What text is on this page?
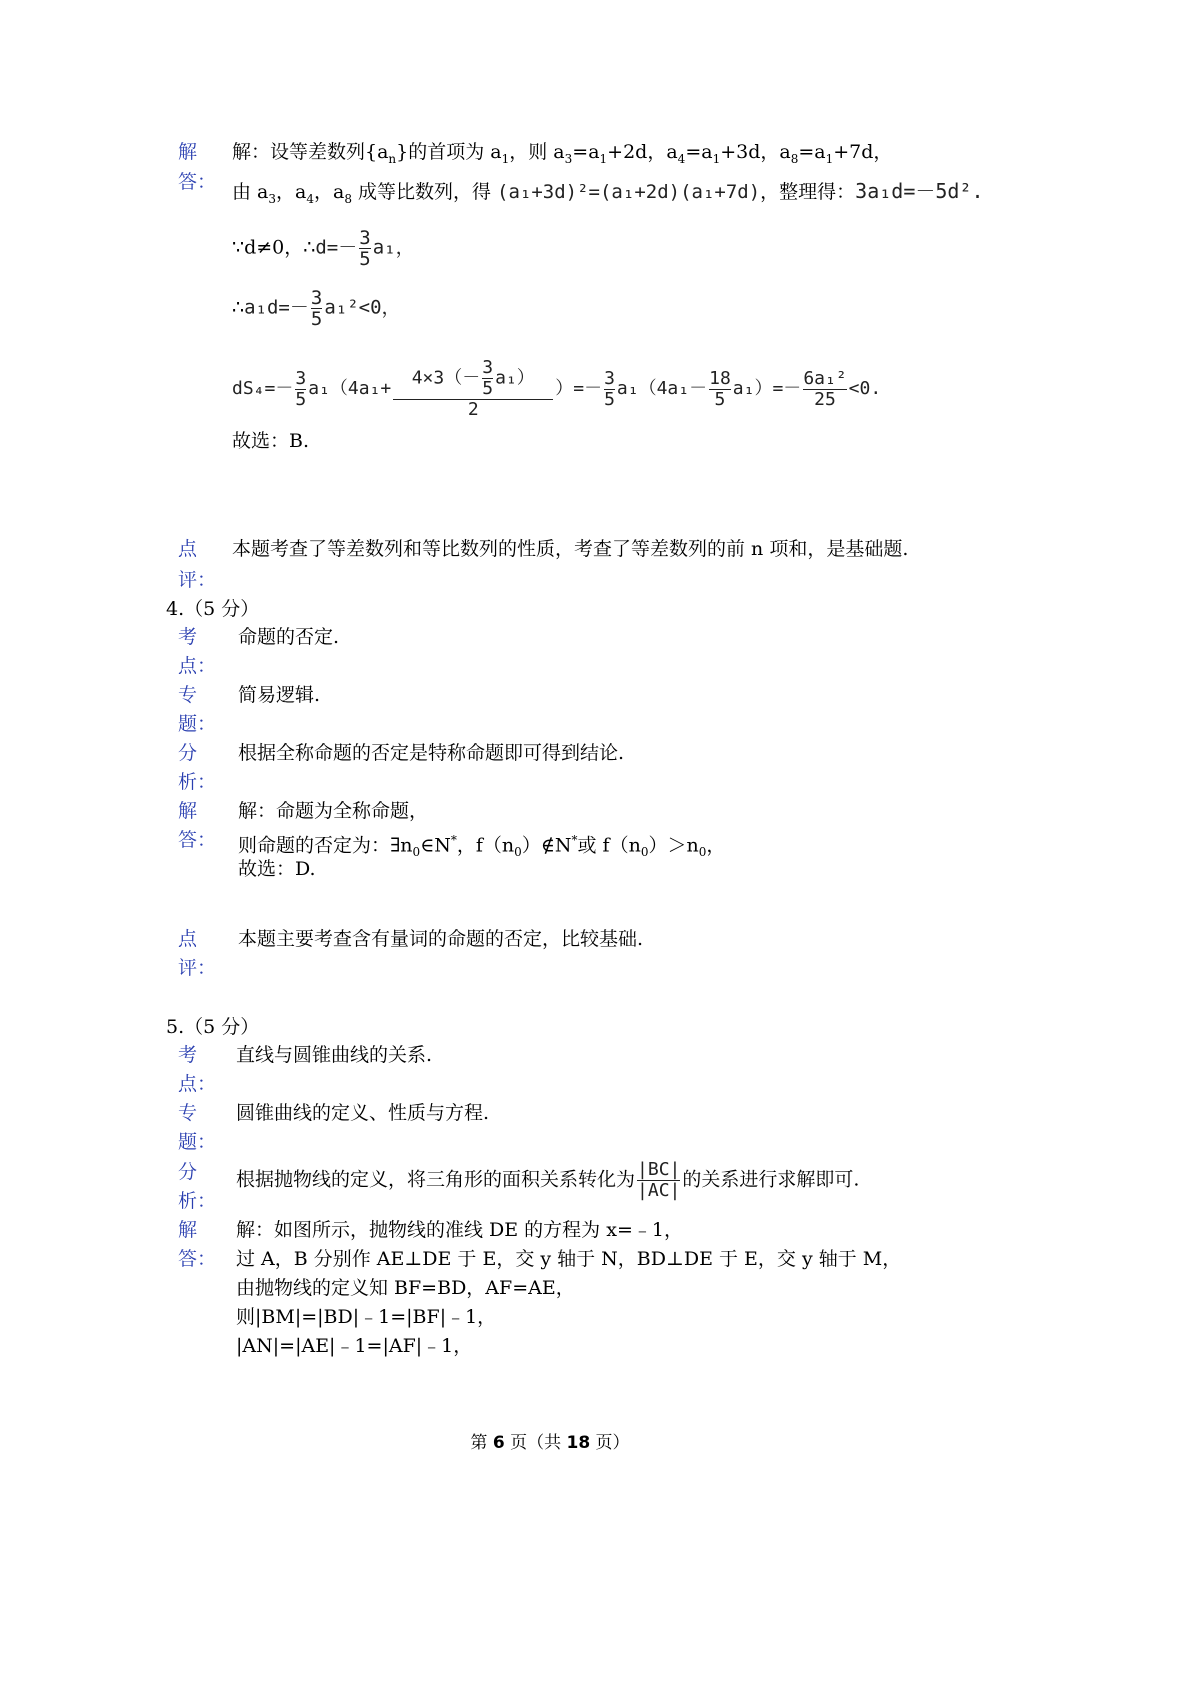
解
答：
解：设等差数列$\{a_n\}$的首项为 $a_1$，则 $a_3=a_1+2d$，$a_4=a_1+3d$，$a_8=a_1+7d$，
由 $a_3$，$a_4$，$a_8$ 成等比数列，得 (a₁+3d)²=(a₁+2d)(a₁+7d)，整理得：3a₁d=－5d².
∵d≠0，∴d=－ $\frac{3}{5} a_1$，
∴a₁d=－ $\frac{3}{5} a_1^2<0$，
$dS_4=- \frac{3}{5} a_1(4a_1+ \frac{4\times 3(- \frac{3}{5} a_1)}{2}$ ）=－ $\frac{3}{5} a_1(4a_1- \frac{18}{5} a_1)=- \frac{\text{6a₁²}}{25} <0$.
故选：B.
点
评：
本题考查了等差数列和等比数列的性质，考查了等差数列的前 n 项和，是基础题.
4.（5 分）
考
点：
命题的否定.
专
题：
简易逻辑.
分
析：
根据全称命题的否定是特称命题即可得到结论.
解
答：
解：命题为全称命题，
则命题的否定为：$\exists n_0\in N^*$，$f(n_0)\notin N^*$或 $f(n_0)>n_0$，
故选：D.
点
评：
本题主要考查含有量词的命题的否定，比较基础.
5.（5 分）
考
点：
直线与圆锥曲线的关系.
专
题：
圆锥曲线的定义、性质与方程.
分
析：
根据抛物线的定义，将三角形的面积关系转化为 $\frac{|BC|}{|AC|}$ 的关系进行求解即可.
解
答：
解：如图所示，抛物线的准线 DE 的方程为 x=﹣1，
过 A，B 分别作 AE⊥DE 于 E，交 y 轴于 N，BD⊥DE 于 E，交 y 轴于 M，
由抛物线的定义知 BF=BD，AF=AE，
则|BM|=|BD|﹣1=|BF|﹣1，
|AN|=|AE|﹣1=|AF|﹣1，
第 6 页（共 18 页）
